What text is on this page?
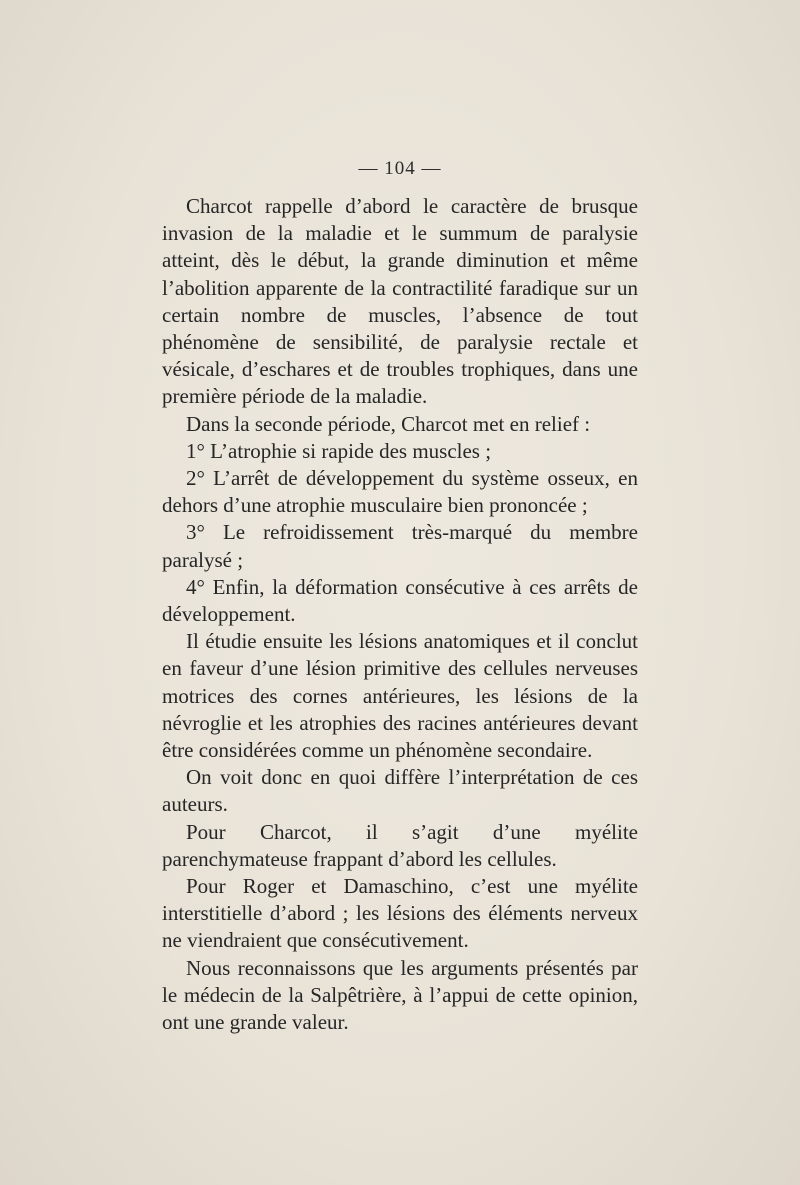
— 104 —

Charcot rappelle d’abord le caractère de brusque invasion de la maladie et le summum de paralysie atteint, dès le début, la grande diminution et même l’abolition apparente de la contractilité faradique sur un certain nombre de muscles, l’absence de tout phénomène de sensibilité, de paralysie rectale et vésicale, d’eschares et de troubles trophiques, dans une première période de la maladie.

Dans la seconde période, Charcot met en relief :

1° L’atrophie si rapide des muscles ;

2° L’arrêt de développement du système osseux, en dehors d’une atrophie musculaire bien prononcée ;

3° Le refroidissement très-marqué du membre paralysé ;

4° Enfin, la déformation consécutive à ces arrêts de développement.

Il étudie ensuite les lésions anatomiques et il conclut en faveur d’une lésion primitive des cellules nerveuses motrices des cornes antérieures, les lésions de la névroglie et les atrophies des racines antérieures devant être considérées comme un phénomène secondaire.

On voit donc en quoi diffère l’interprétation de ces auteurs.

Pour Charcot, il s’agit d’une myélite parenchymateuse frappant d’abord les cellules.

Pour Roger et Damaschino, c’est une myélite interstitielle d’abord ; les lésions des éléments nerveux ne viendraient que consécutivement.

Nous reconnaissons que les arguments présentés par le médecin de la Salpêtrière, à l’appui de cette opinion, ont une grande valeur.
